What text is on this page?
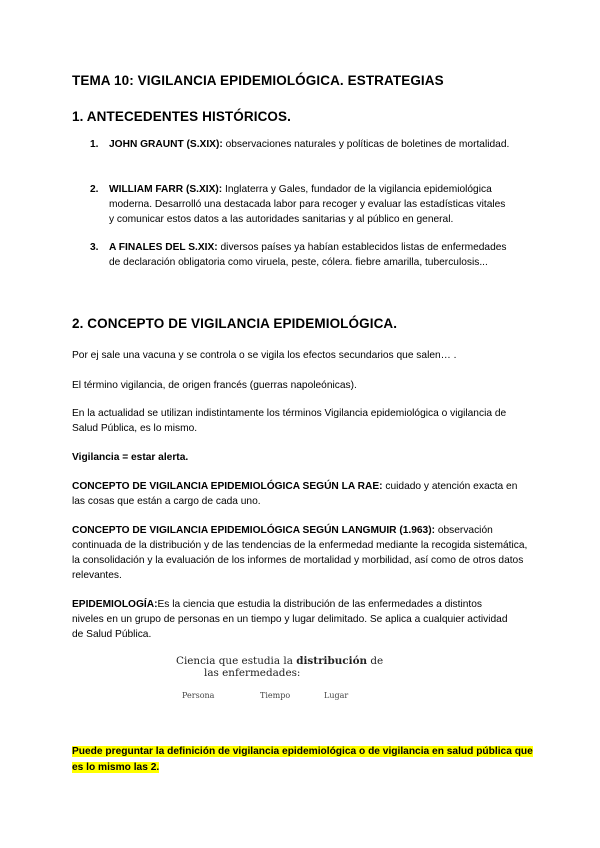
TEMA 10: VIGILANCIA EPIDEMIOLÓGICA. ESTRATEGIAS
1. ANTECEDENTES HISTÓRICOS.
1. JOHN GRAUNT (S.XIX): observaciones naturales y políticas de boletines de mortalidad.
2. WILLIAM FARR (S.XIX): Inglaterra y Gales, fundador de la vigilancia epidemiológica moderna. Desarrolló una destacada labor para recoger y evaluar las estadísticas vitales y comunicar estos datos a las autoridades sanitarias y al público en general.
3. A FINALES DEL S.XIX: diversos países ya habían establecidos listas de enfermedades de declaración obligatoria como viruela, peste, cólera. fiebre amarilla, tuberculosis...
2. CONCEPTO DE VIGILANCIA EPIDEMIOLÓGICA.
Por ej sale una vacuna y se controla o se vigila los efectos secundarios que salen… .
El término vigilancia, de origen francés (guerras napoleónicas).
En la actualidad se utilizan indistintamente los términos Vigilancia epidemiológica o vigilancia de Salud Pública, es lo mismo.
Vigilancia = estar alerta.
CONCEPTO DE VIGILANCIA EPIDEMIOLÓGICA SEGÚN LA RAE: cuidado y atención exacta en las cosas que están a cargo de cada uno.
CONCEPTO DE VIGILANCIA EPIDEMIOLÓGICA SEGÚN LANGMUIR (1.963): observación continuada de la distribución y de las tendencias de la enfermedad mediante la recogida sistemática, la consolidación y la evaluación de los informes de mortalidad y morbilidad, así como de otros datos relevantes.
EPIDEMIOLOGÍA:Es la ciencia que estudia la distribución de las enfermedades a distintos niveles en un grupo de personas en un tiempo y lugar delimitado. Se aplica a cualquier actividad de Salud Pública.
Ciencia que estudia la distribución de
las enfermedades:
Persona	Tiempo	Lugar
Puede preguntar la definición de vigilancia epidemiológica o de vigilancia en salud pública que es lo mismo las 2.
